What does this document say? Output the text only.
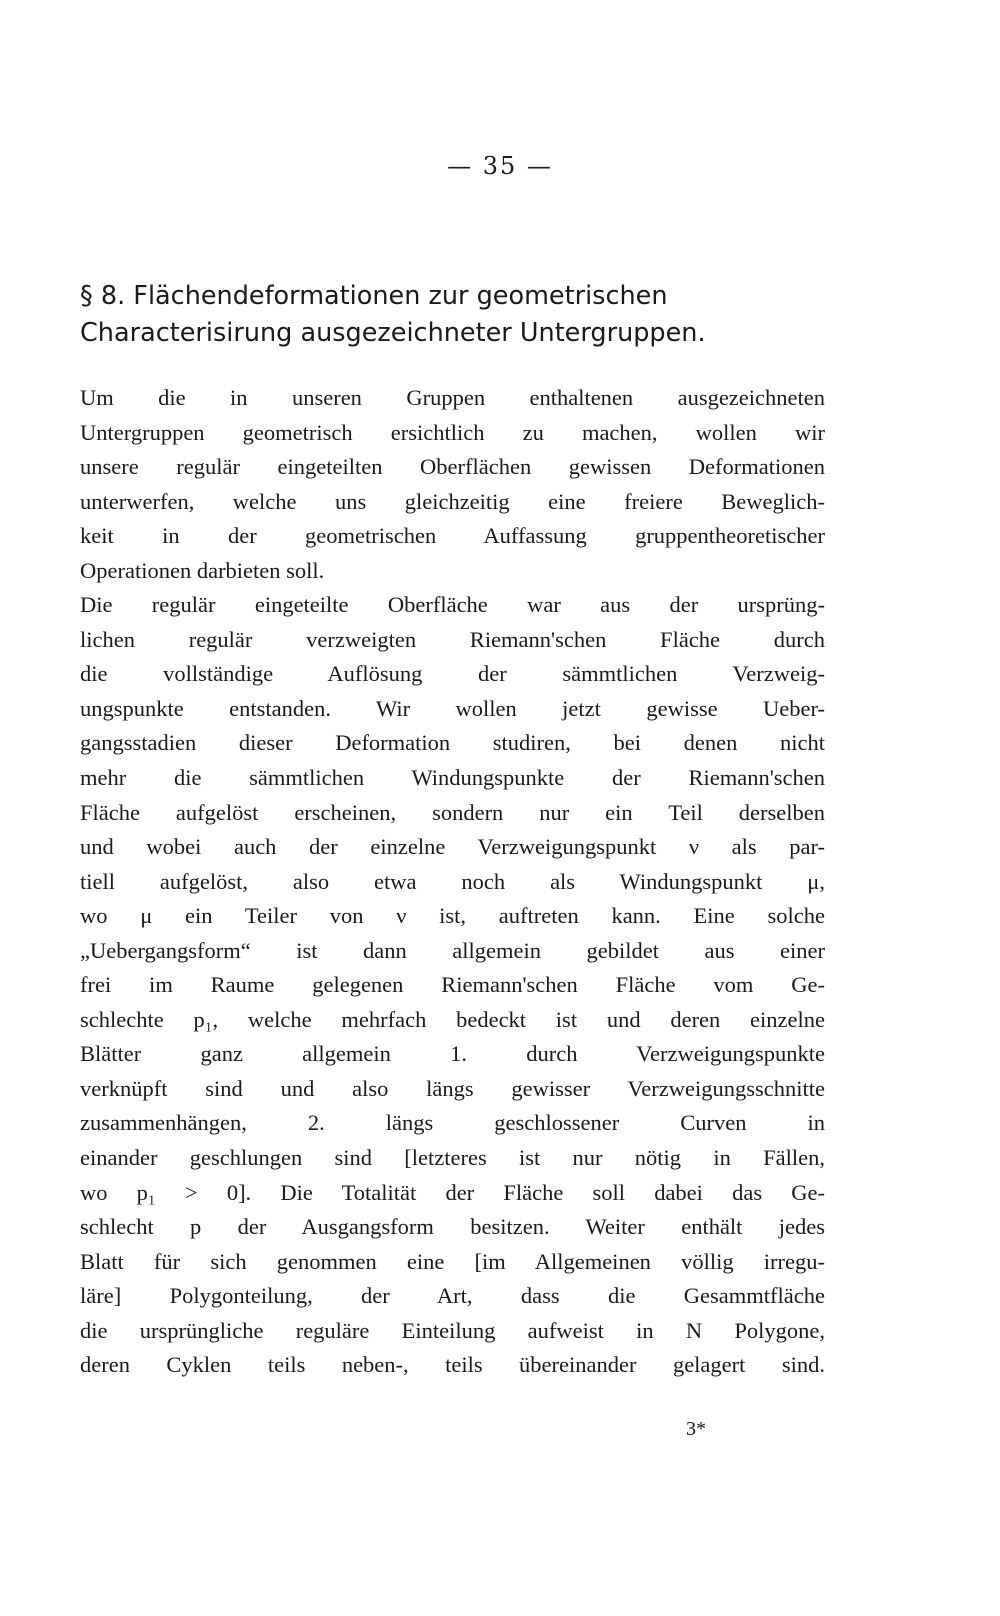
— 35 —
§ 8. Flächendeformationen zur geometrischen
Characterisirung ausgezeichneter Untergruppen.
Um die in unseren Gruppen enthaltenen ausgezeichneten
Untergruppen geometrisch ersichtlich zu machen, wollen wir
unsere regulär eingeteilten Oberflächen gewissen Deformationen
unterwerfen, welche uns gleichzeitig eine freiere Beweglich-
keit in der geometrischen Auffassung gruppentheoretischer
Operationen darbieten soll.
Die regulär eingeteilte Oberfläche war aus der ursprüng-
lichen regulär verzweigten Riemann'schen Fläche durch
die vollständige Auflösung der sämmtlichen Verzweig-
ungspunkte entstanden. Wir wollen jetzt gewisse Ueber-
gangsstadien dieser Deformation studiren, bei denen nicht
mehr die sämmtlichen Windungspunkte der Riemann'schen
Fläche aufgelöst erscheinen, sondern nur ein Teil derselben
und wobei auch der einzelne Verzweigungspunkt ν als par-
tiell aufgelöst, also etwa noch als Windungspunkt μ,
wo μ ein Teiler von ν ist, auftreten kann. Eine solche
„Uebergangsform“ ist dann allgemein gebildet aus einer
frei im Raume gelegenen Riemann'schen Fläche vom Ge-
schlechte p₁, welche mehrfach bedeckt ist und deren einzelne
Blätter ganz allgemein 1. durch Verzweigungspunkte
verknüpft sind und also längs gewisser Verzweigungsschnitte
zusammenhängen, 2. längs geschlossener Curven in
einander geschlungen sind [letzteres ist nur nötig in Fällen,
wo p₁ > 0]. Die Totalität der Fläche soll dabei das Ge-
schlecht p der Ausgangsform besitzen. Weiter enthält jedes
Blatt für sich genommen eine [im Allgemeinen völlig irregu-
läre] Polygonteilung, der Art, dass die Gesammtfläche
die ursprüngliche reguläre Einteilung aufweist in N Polygone,
deren Cyklen teils neben-, teils übereinander gelagert sind.
3*
